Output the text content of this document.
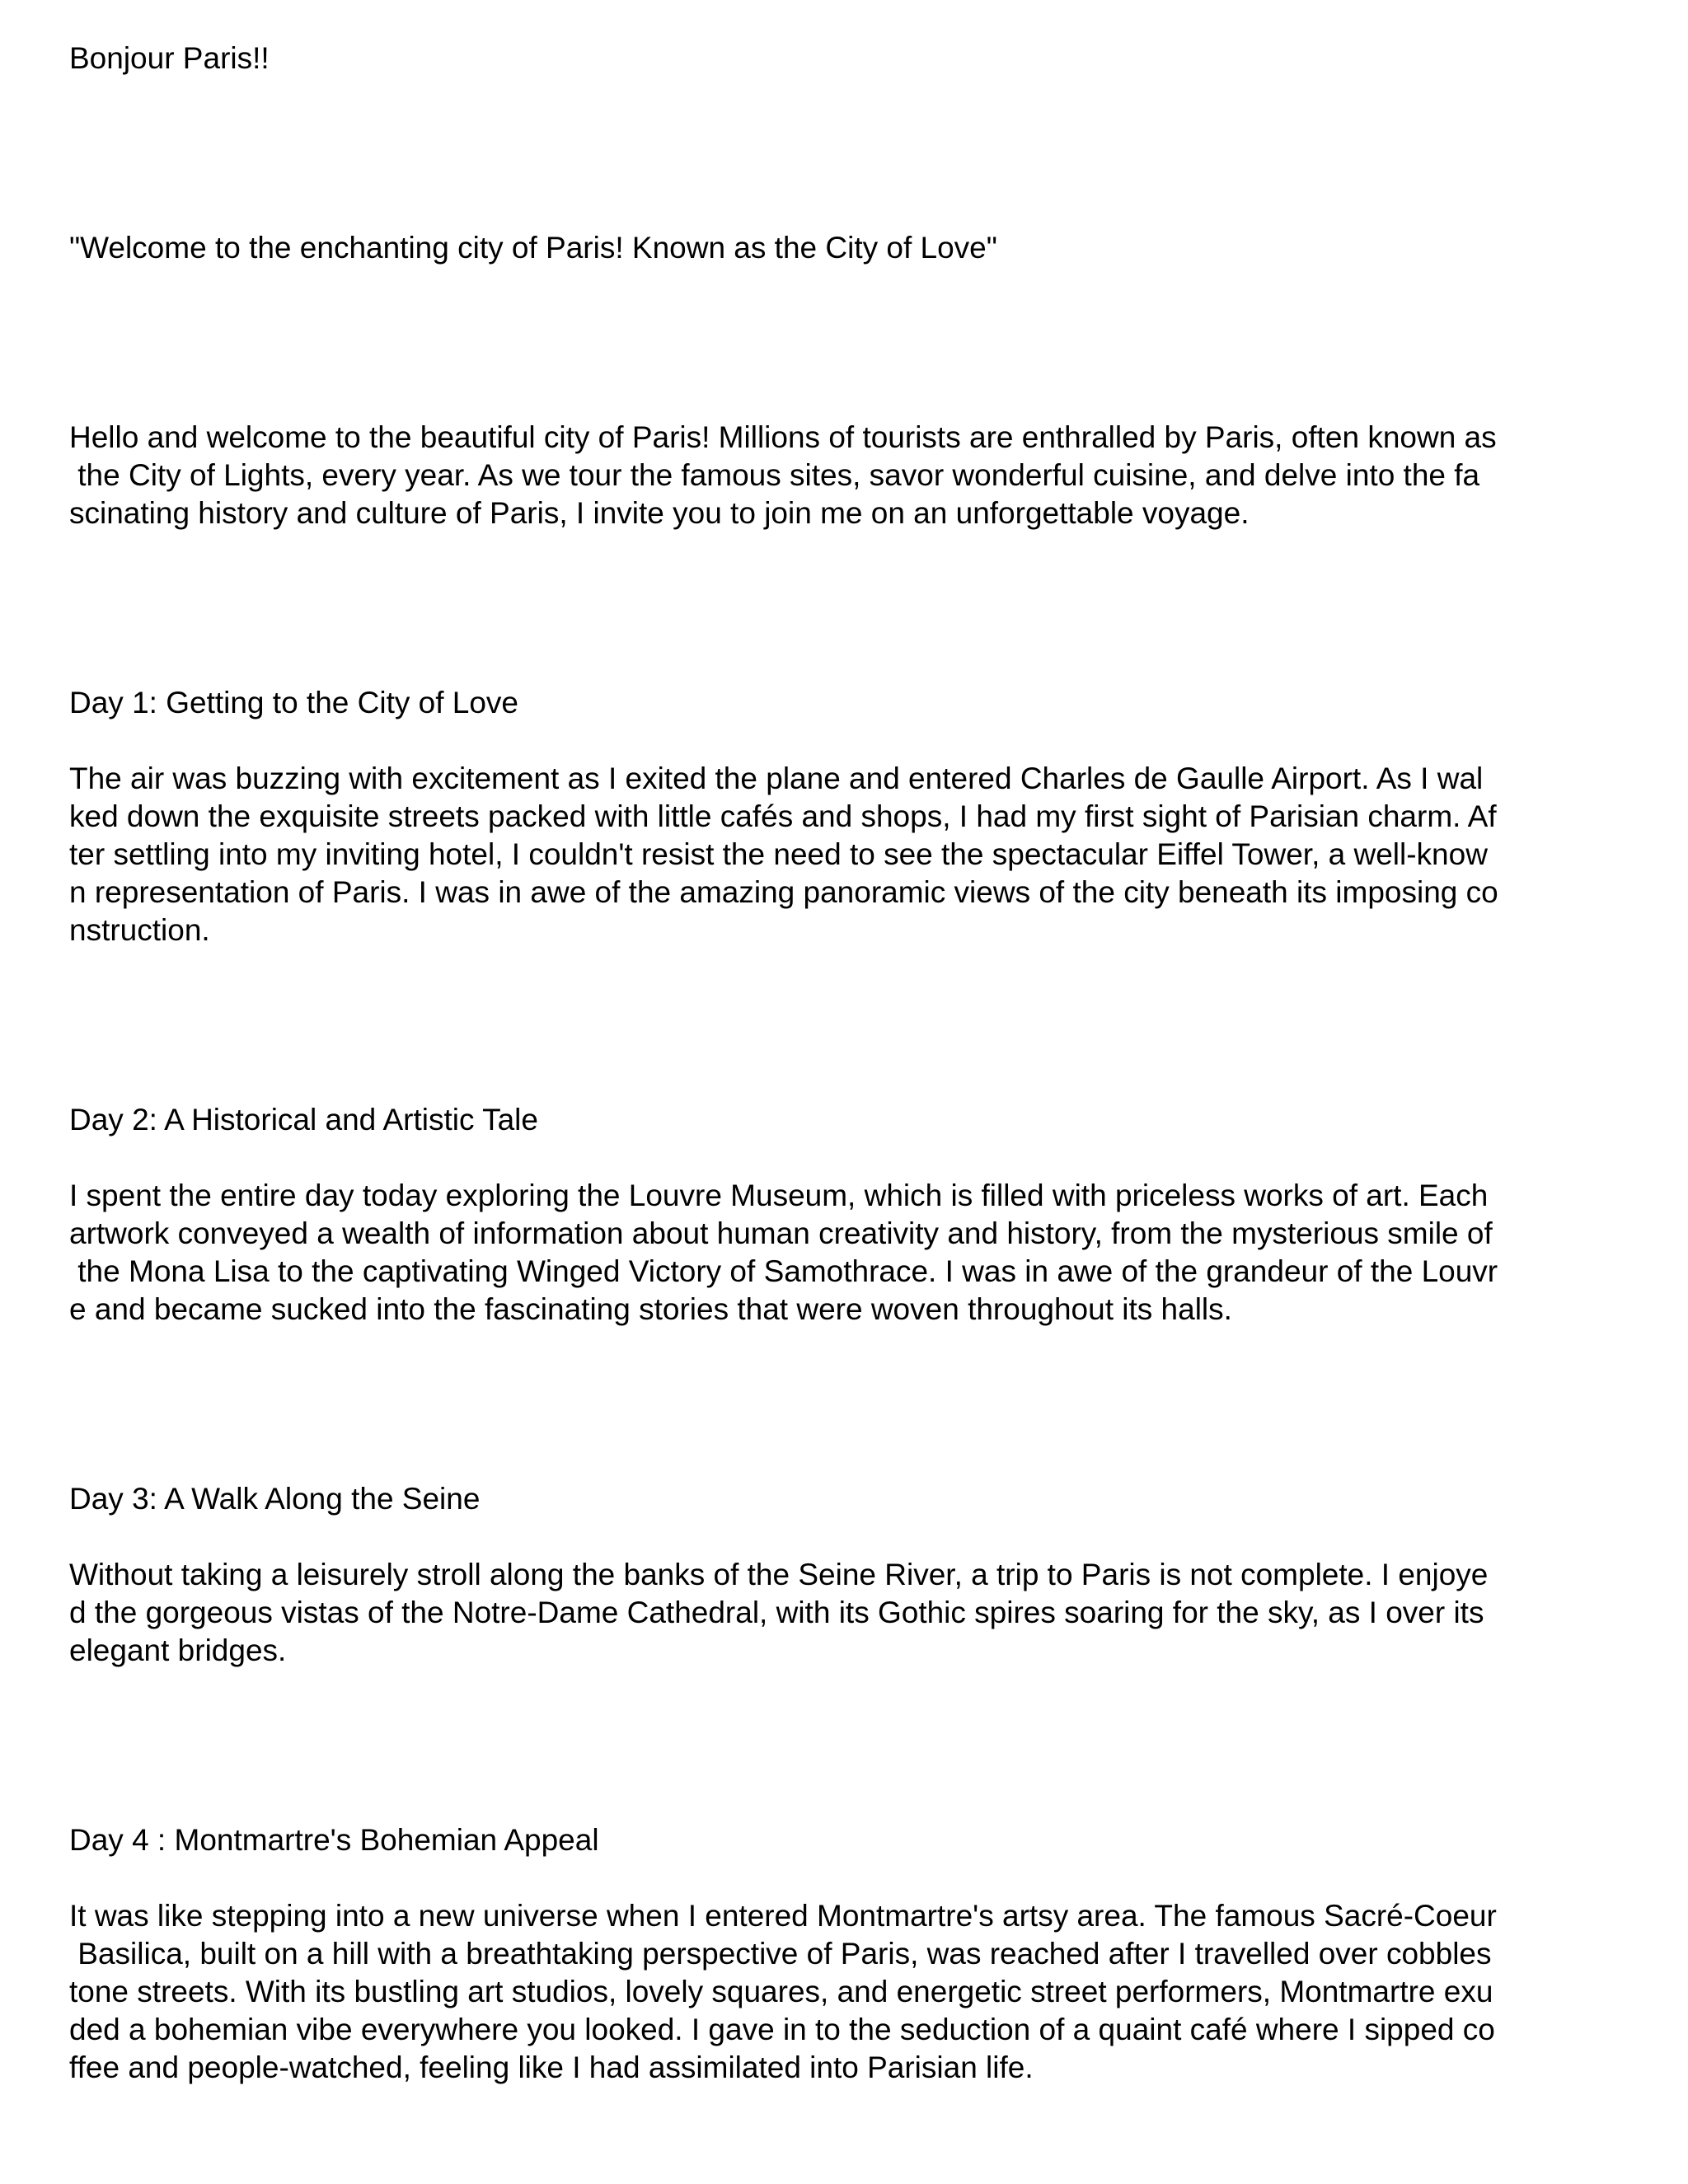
Bonjour Paris!!

"Welcome to the enchanting city of Paris! Known as the City of Love"

Hello and welcome to the beautiful city of Paris! Millions of tourists are enthralled by Paris, often known as

the City of Lights, every year. As we tour the famous sites, savor wonderful cuisine, and delve into the fa

scinating history and culture of Paris, I invite you to join me on an unforgettable voyage.

Day 1: Getting to the City of Love

The air was buzzing with excitement as I exited the plane and entered Charles de Gaulle Airport. As I wal

ked down the exquisite streets packed with little cafés and shops, I had my first sight of Parisian charm. Af

ter settling into my inviting hotel, I couldn't resist the need to see the spectacular Eiffel Tower, a well-know

n representation of Paris. I was in awe of the amazing panoramic views of the city beneath its imposing co

nstruction.

Day 2: A Historical and Artistic Tale

I spent the entire day today exploring the Louvre Museum, which is filled with priceless works of art. Each

artwork conveyed a wealth of information about human creativity and history, from the mysterious smile of

the Mona Lisa to the captivating Winged Victory of Samothrace. I was in awe of the grandeur of the Louvr

e and became sucked into the fascinating stories that were woven throughout its halls.

Day 3: A Walk Along the Seine

Without taking a leisurely stroll along the banks of the Seine River, a trip to Paris is not complete. I enjoye

d the gorgeous vistas of the Notre-Dame Cathedral, with its Gothic spires soaring for the sky, as I over its

elegant bridges.

Day 4 : Montmartre's Bohemian Appeal

It was like stepping into a new universe when I entered Montmartre's artsy area. The famous Sacré-Coeur

Basilica, built on a hill with a breathtaking perspective of Paris, was reached after I travelled over cobbles

tone streets. With its bustling art studios, lovely squares, and energetic street performers, Montmartre exu

ded a bohemian vibe everywhere you looked. I gave in to the seduction of a quaint café where I sipped co

ffee and people-watched, feeling like I had assimilated into Parisian life.
